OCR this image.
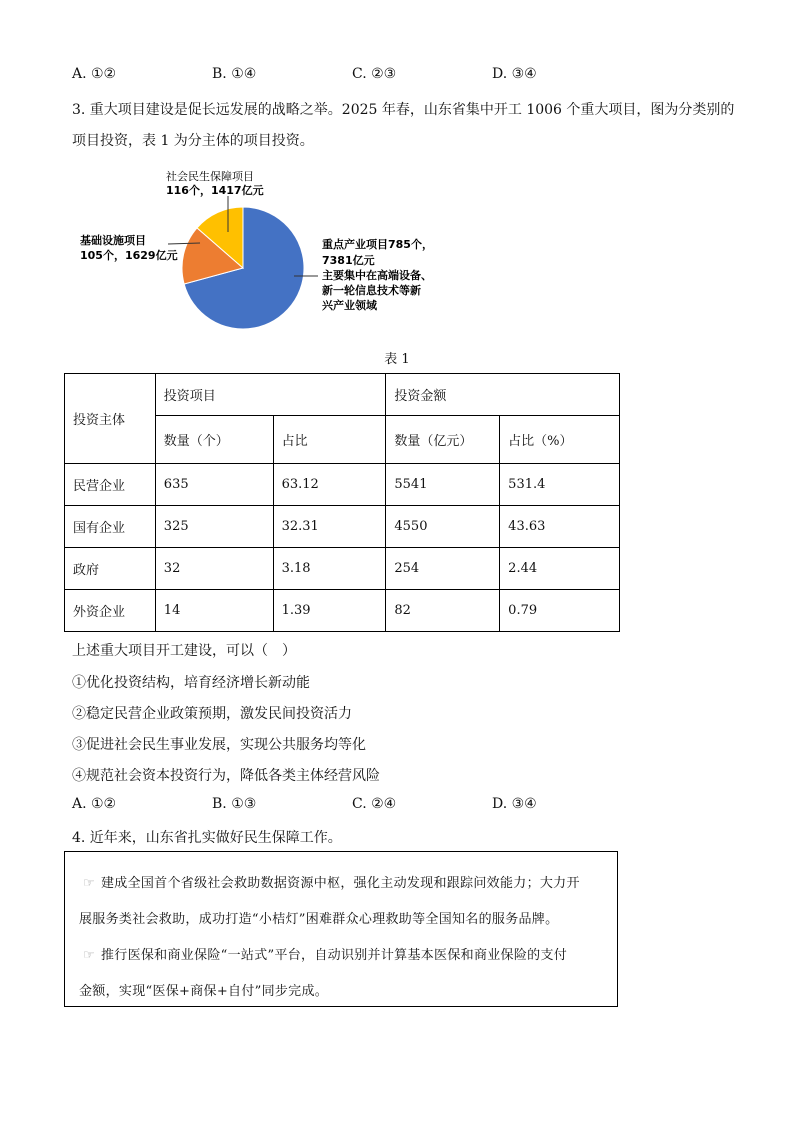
A. ①②	B. ①④	C. ②③	D. ③④
3. 重大项目建设是促长远发展的战略之举。2025 年春，山东省集中开工 1006 个重大项目，图为分类别的
项目投资，表 1 为分主体的项目投资。
社会民生保障项目
116个，1417亿元
基础设施项目
105个，1629亿元
重点产业项目785个，
7381亿元
主要集中在高端设备、
新一轮信息技术等新
兴产业领域
表 1
投资主体	投资项目		投资金额	
	数量（个）	占比	数量（亿元）	占比（%）
民营企业	635	63.12	5541	531.4
国有企业	325	32.31	4550	43.63
政府	32	3.18	254	2.44
外资企业	14	1.39	82	0.79
上述重大项目开工建设，可以（　）
①优化投资结构，培育经济增长新动能
②稳定民营企业政策预期，激发民间投资活力
③促进社会民生事业发展，实现公共服务均等化
④规范社会资本投资行为，降低各类主体经营风险
A. ①②	B. ①③	C. ②④	D. ③④
4. 近年来，山东省扎实做好民生保障工作。
☞ 建成全国首个省级社会救助数据资源中枢，强化主动发现和跟踪问效能力；大力开
展服务类社会救助，成功打造“小桔灯”困难群众心理救助等全国知名的服务品牌。
☞ 推行医保和商业保险“一站式”平台，自动识别并计算基本医保和商业保险的支付
金额，实现“医保+商保+自付”同步完成。
